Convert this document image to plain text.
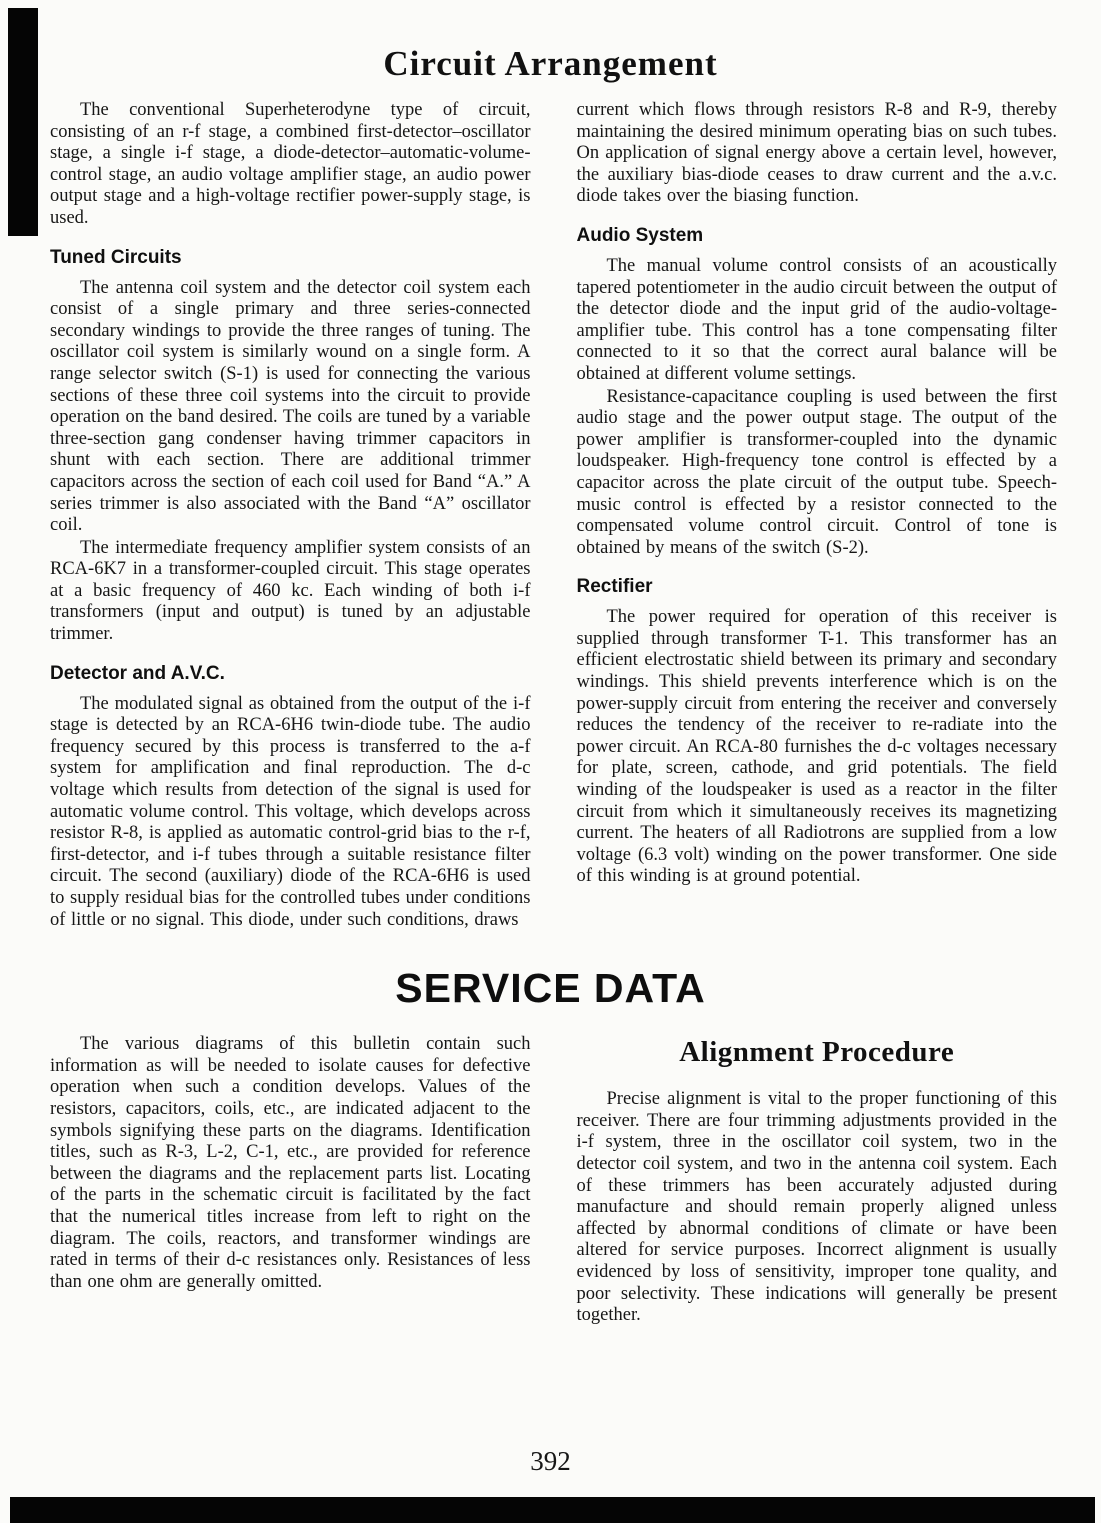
Circuit Arrangement

The conventional Superheterodyne type of circuit, consisting of an r-f stage, a combined first-detector–oscillator stage, a single i-f stage, a diode-detector–automatic-volume-control stage, an audio voltage amplifier stage, an audio power output stage and a high-voltage rectifier power-supply stage, is used.

Tuned Circuits

The antenna coil system and the detector coil system each consist of a single primary and three series-connected secondary windings to provide the three ranges of tuning. The oscillator coil system is similarly wound on a single form. A range selector switch (S-1) is used for connecting the various sections of these three coil systems into the circuit to provide operation on the band desired. The coils are tuned by a variable three-section gang condenser having trimmer capacitors in shunt with each section. There are additional trimmer capacitors across the section of each coil used for Band “A.” A series trimmer is also associated with the Band “A” oscillator coil.

The intermediate frequency amplifier system consists of an RCA-6K7 in a transformer-coupled circuit. This stage operates at a basic frequency of 460 kc. Each winding of both i-f transformers (input and output) is tuned by an adjustable trimmer.

Detector and A.V.C.

The modulated signal as obtained from the output of the i-f stage is detected by an RCA-6H6 twin-diode tube. The audio frequency secured by this process is transferred to the a-f system for amplification and final reproduction. The d-c voltage which results from detection of the signal is used for automatic volume control. This voltage, which develops across resistor R-8, is applied as automatic control-grid bias to the r-f, first-detector, and i-f tubes through a suitable resistance filter circuit. The second (auxiliary) diode of the RCA-6H6 is used to supply residual bias for the controlled tubes under conditions of little or no signal. This diode, under such conditions, draws

current which flows through resistors R-8 and R-9, thereby maintaining the desired minimum operating bias on such tubes. On application of signal energy above a certain level, however, the auxiliary bias-diode ceases to draw current and the a.v.c. diode takes over the biasing function.

Audio System

The manual volume control consists of an acoustically tapered potentiometer in the audio circuit between the output of the detector diode and the input grid of the audio-voltage-amplifier tube. This control has a tone compensating filter connected to it so that the correct aural balance will be obtained at different volume settings.

Resistance-capacitance coupling is used between the first audio stage and the power output stage. The output of the power amplifier is transformer-coupled into the dynamic loudspeaker. High-frequency tone control is effected by a capacitor across the plate circuit of the output tube. Speech-music control is effected by a resistor connected to the compensated volume control circuit. Control of tone is obtained by means of the switch (S-2).

Rectifier

The power required for operation of this receiver is supplied through transformer T-1. This transformer has an efficient electrostatic shield between its primary and secondary windings. This shield prevents interference which is on the power-supply circuit from entering the receiver and conversely reduces the tendency of the receiver to re-radiate into the power circuit. An RCA-80 furnishes the d-c voltages necessary for plate, screen, cathode, and grid potentials. The field winding of the loudspeaker is used as a reactor in the filter circuit from which it simultaneously receives its magnetizing current. The heaters of all Radiotrons are supplied from a low voltage (6.3 volt) winding on the power transformer. One side of this winding is at ground potential.

SERVICE DATA

The various diagrams of this bulletin contain such information as will be needed to isolate causes for defective operation when such a condition develops. Values of the resistors, capacitors, coils, etc., are indicated adjacent to the symbols signifying these parts on the diagrams. Identification titles, such as R-3, L-2, C-1, etc., are provided for reference between the diagrams and the replacement parts list. Locating of the parts in the schematic circuit is facilitated by the fact that the numerical titles increase from left to right on the diagram. The coils, reactors, and transformer windings are rated in terms of their d-c resistances only. Resistances of less than one ohm are generally omitted.

Alignment Procedure

Precise alignment is vital to the proper functioning of this receiver. There are four trimming adjustments provided in the i-f system, three in the oscillator coil system, two in the detector coil system, and two in the antenna coil system. Each of these trimmers has been accurately adjusted during manufacture and should remain properly aligned unless affected by abnormal conditions of climate or have been altered for service purposes. Incorrect alignment is usually evidenced by loss of sensitivity, improper tone quality, and poor selectivity. These indications will generally be present together.

392
